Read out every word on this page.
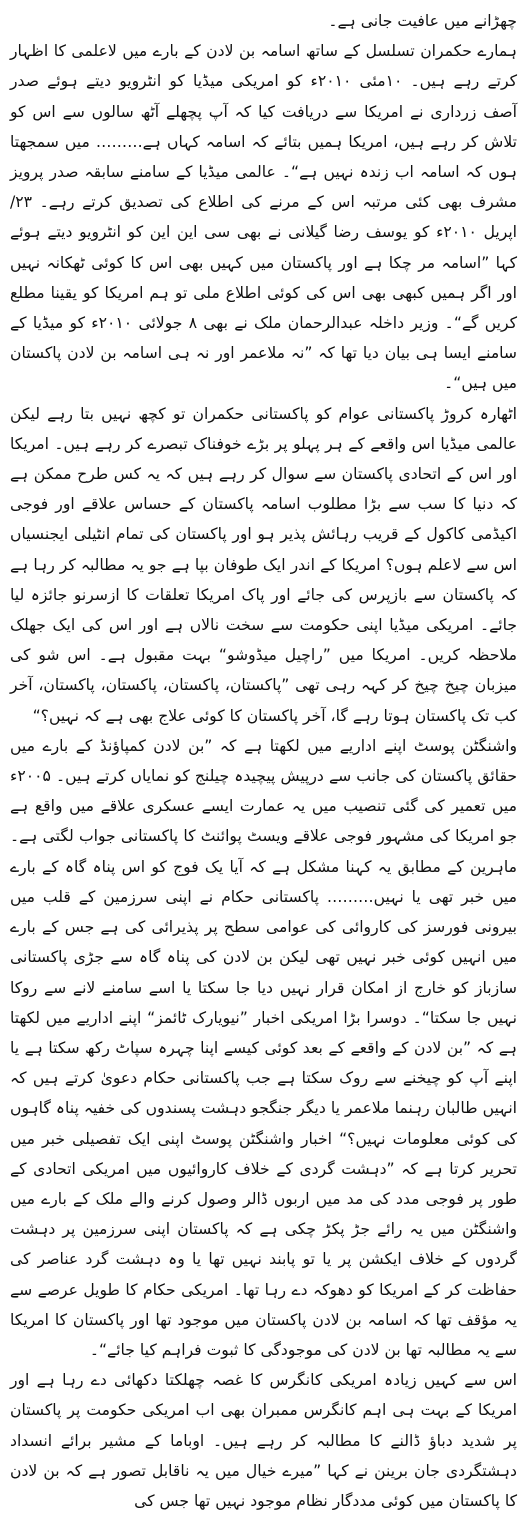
چھڑانے میں عافیت جانی ہے۔

ہمارے حکمران تسلسل کے ساتھ اسامہ بن لادن کے بارے میں لاعلمی کا اظہار کرتے رہے ہیں۔ ۱۰مئی ۲۰۱۰ء کو امریکی میڈیا کو انٹرویو دیتے ہوئے صدر آصف زرداری نے امریکا سے دریافت کیا کہ آپ پچھلے آٹھ سالوں سے اس کو تلاش کر رہے ہیں، امریکا ہمیں بتائے کہ اسامہ کہاں ہے……… میں سمجھتا ہوں کہ اسامہ اب زندہ نہیں ہے“۔ عالمی میڈیا کے سامنے سابقہ صدر پرویز مشرف بھی کئی مرتبہ اس کے مرنے کی اطلاع کی تصدیق کرتے رہے۔ ۲۳/ اپریل ۲۰۱۰ء کو یوسف رضا گیلانی نے بھی سی این این کو انٹرویو دیتے ہوئے کہا ”اسامہ مر چکا ہے اور پاکستان میں کہیں بھی اس کا کوئی ٹھکانہ نہیں اور اگر ہمیں کبھی بھی اس کی کوئی اطلاع ملی تو ہم امریکا کو یقینا مطلع کریں گے“۔ وزیر داخلہ عبدالرحمان ملک نے بھی ۸ جولائی ۲۰۱۰ء کو میڈیا کے سامنے ایسا ہی بیان دیا تھا کہ ”نہ ملاعمر اور نہ ہی اسامہ بن لادن پاکستان میں ہیں“۔

اٹھارہ کروڑ پاکستانی عوام کو پاکستانی حکمران تو کچھ نہیں بتا رہے لیکن عالمی میڈیا اس واقعے کے ہر پہلو پر بڑے خوفناک تبصرے کر رہے ہیں۔ امریکا اور اس کے اتحادی پاکستان سے سوال کر رہے ہیں کہ یہ کس طرح ممکن ہے کہ دنیا کا سب سے بڑا مطلوب اسامہ پاکستان کے حساس علاقے اور فوجی اکیڈمی کاکول کے قریب رہائش پذیر ہو اور پاکستان کی تمام انٹیلی ایجنسیاں اس سے لاعلم ہوں؟ امریکا کے اندر ایک طوفان بپا ہے جو یہ مطالبہ کر رہا ہے کہ پاکستان سے بازپرس کی جائے اور پاک امریکا تعلقات کا ازسرنو جائزہ لیا جائے۔ امریکی میڈیا اپنی حکومت سے سخت نالاں ہے اور اس کی ایک جھلک ملاحظہ کریں۔ امریکا میں ”راچیل میڈوشو“ بہت مقبول ہے۔ اس شو کی میزبان چیخ چیخ کر کہہ رہی تھی ”پاکستان، پاکستان، پاکستان، پاکستان، آخر کب تک پاکستان ہوتا رہے گا، آخر پاکستان کا کوئی علاج بھی ہے کہ نہیں؟“

واشنگٹن پوسٹ اپنے اداریے میں لکھتا ہے کہ ”بن لادن کمپاؤنڈ کے بارے میں حقائق پاکستان کی جانب سے درپیش پیچیدہ چیلنج کو نمایاں کرتے ہیں۔ ۲۰۰۵ء میں تعمیر کی گئی تنصیب میں یہ عمارت ایسے عسکری علاقے میں واقع ہے جو امریکا کی مشہور فوجی علاقے ویسٹ پوائنٹ کا پاکستانی جواب لگتی ہے۔ ماہرین کے مطابق یہ کہنا مشکل ہے کہ آیا یک فوج کو اس پناہ گاہ کے بارے میں خبر تھی یا نہیں……… پاکستانی حکام نے اپنی سرزمین کے قلب میں بیرونی فورسز کی کاروائی کی عوامی سطح پر پذیرائی کی ہے جس کے بارے میں انہیں کوئی خبر نہیں تھی لیکن بن لادن کی پناہ گاہ سے جڑی پاکستانی سازباز کو خارج از امکان قرار نہیں دیا جا سکتا یا اسے سامنے لانے سے روکا نہیں جا سکتا“۔ دوسرا بڑا امریکی اخبار ”نیویارک ٹائمز“ اپنے اداریے میں لکھتا ہے کہ ”بن لادن کے واقعے کے بعد کوئی کیسے اپنا چہرہ سپاٹ رکھ سکتا ہے یا اپنے آپ کو چیخنے سے روک سکتا ہے جب پاکستانی حکام دعویٰ کرتے ہیں کہ انہیں طالبان رہنما ملاعمر یا دیگر جنگجو دہشت پسندوں کی خفیہ پناہ گاہوں کی کوئی معلومات نہیں؟“ اخبار واشنگٹن پوسٹ اپنی ایک تفصیلی خبر میں تحریر کرتا ہے کہ ”دہشت گردی کے خلاف کاروائیوں میں امریکی اتحادی کے طور پر فوجی مدد کی مد میں اربوں ڈالر وصول کرنے والے ملک کے بارے میں واشنگٹن میں یہ رائے جڑ پکڑ چکی ہے کہ پاکستان اپنی سرزمین پر دہشت گردوں کے خلاف ایکشن پر یا تو پابند نہیں تھا یا وہ دہشت گرد عناصر کی حفاظت کر کے امریکا کو دھوکہ دے رہا تھا۔ امریکی حکام کا طویل عرصے سے یہ مؤقف تھا کہ اسامہ بن لادن پاکستان میں موجود تھا اور پاکستان کا امریکا سے یہ مطالبہ تھا بن لادن کی موجودگی کا ثبوت فراہم کیا جائے“۔

اس سے کہیں زیادہ امریکی کانگرس کا غصہ چھلکتا دکھائی دے رہا ہے اور امریکا کے بہت ہی اہم کانگرس ممبران بھی اب امریکی حکومت پر پاکستان پر شدید دباؤ ڈالنے کا مطالبہ کر رہے ہیں۔ اوباما کے مشیر برائے انسداد دہشتگردی جان برینن نے کہا ”میرے خیال میں یہ ناقابل تصور ہے کہ بن لادن کا پاکستان میں کوئی مددگار نظام موجود نہیں تھا جس کی
